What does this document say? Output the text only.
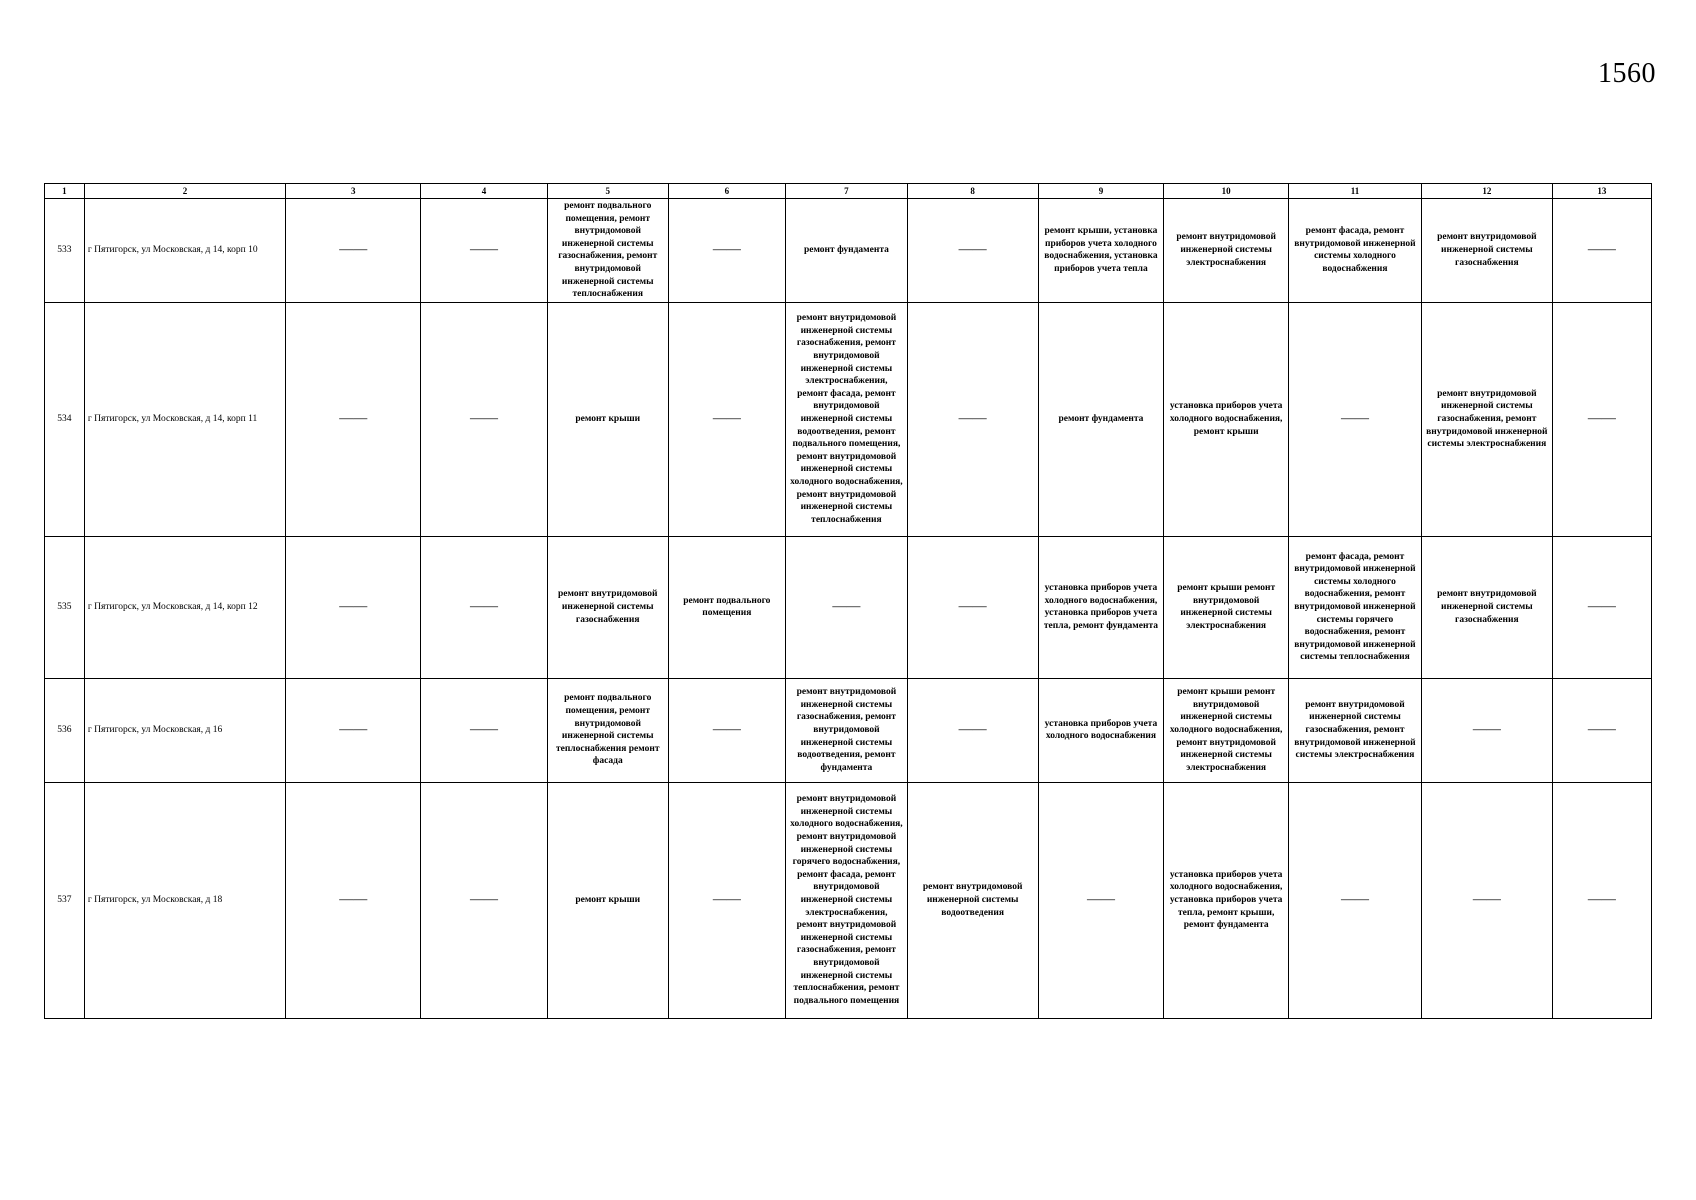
1560
1	2	3	4	5	6	7	8	9	10	11	12	13
533	г Пятигорск, ул Московская, д 14, корп 10	——	——	ремонт подвального помещения, ремонт внутридомовой инженерной системы газоснабжения, ремонт внутридомовой инженерной системы теплоснабжения	——	ремонт фундамента	——	ремонт крыши, установка приборов учета холодного водоснабжения, установка приборов учета тепла	ремонт внутридомовой инженерной системы электроснабжения	ремонт фасада, ремонт внутридомовой инженерной системы холодного водоснабжения	ремонт внутридомовой инженерной системы газоснабжения	——
534	г Пятигорск, ул Московская, д 14, корп 11	——	——	ремонт крыши	——	ремонт внутридомовой инженерной системы газоснабжения, ремонт внутридомовой инженерной системы электроснабжения, ремонт фасада, ремонт внутридомовой инженерной системы водоотведения, ремонт подвального помещения, ремонт внутридомовой инженерной системы холодного водоснабжения, ремонт внутридомовой инженерной системы теплоснабжения	——	ремонт фундамента	установка приборов учета холодного водоснабжения, ремонт крыши	——	ремонт внутридомовой инженерной системы газоснабжения, ремонт внутридомовой инженерной системы электроснабжения	——
535	г Пятигорск, ул Московская, д 14, корп 12	——	——	ремонт внутридомовой инженерной системы газоснабжения	ремонт подвального помещения	——	——	установка приборов учета холодного водоснабжения, установка приборов учета тепла, ремонт фундамента	ремонт крыши ремонт внутридомовой инженерной системы электроснабжения	ремонт фасада, ремонт внутридомовой инженерной системы холодного водоснабжения, ремонт внутридомовой инженерной системы горячего водоснабжения, ремонт внутридомовой инженерной системы теплоснабжения	ремонт внутридомовой инженерной системы газоснабжения	——
536	г Пятигорск, ул Московская, д 16	——	——	ремонт подвального помещения, ремонт внутридомовой инженерной системы теплоснабжения ремонт фасада	——	ремонт внутридомовой инженерной системы газоснабжения, ремонт внутридомовой инженерной системы водоотведения, ремонт фундамента	——	установка приборов учета холодного водоснабжения	ремонт крыши ремонт внутридомовой инженерной системы холодного водоснабжения, ремонт внутридомовой инженерной системы электроснабжения	ремонт внутридомовой инженерной системы газоснабжения, ремонт внутридомовой инженерной системы электроснабжения	——	——
537	г Пятигорск, ул Московская, д 18	——	——	ремонт крыши	——	ремонт внутридомовой инженерной системы холодного водоснабжения, ремонт внутридомовой инженерной системы горячего водоснабжения, ремонт фасада, ремонт внутридомовой инженерной системы электроснабжения, ремонт внутридомовой инженерной системы газоснабжения, ремонт внутридомовой инженерной системы теплоснабжения, ремонт подвального помещения	ремонт внутридомовой инженерной системы водоотведения	——	установка приборов учета холодного водоснабжения, установка приборов учета тепла, ремонт крыши, ремонт фундамента	——	——	——
